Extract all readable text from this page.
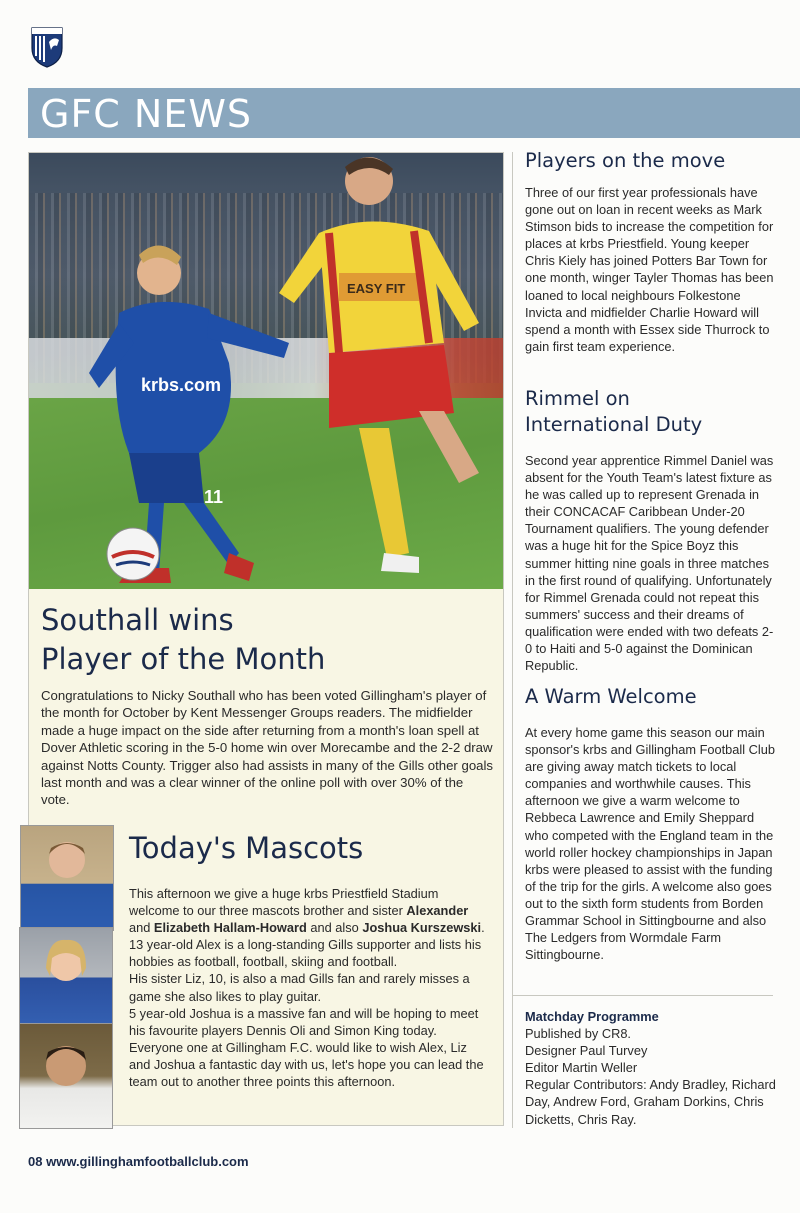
GFC NEWS
krbs.com
11
EASY FIT
Southall wins
Player of the Month

Congratulations to Nicky Southall who has been voted Gillingham's player of the month for October by Kent Messenger Groups readers. The midfielder made a huge impact on the side after returning from a month's loan spell at Dover Athletic scoring in the 5-0 home win over Morecambe and the 2-2 draw against Notts County. Trigger also had assists in many of the Gills other goals last month and was a clear winner of the online poll with over 30% of the vote.

Today's Mascots

This afternoon we give a huge krbs Priestfield Stadium welcome to our three mascots brother and sister Alexander and Elizabeth Hallam-Howard and also Joshua Kurszewski.

13 year-old Alex is a long-standing Gills supporter and lists his hobbies as football, football, skiing and football.

His sister Liz, 10, is also a mad Gills fan and rarely misses a game she also likes to play guitar.

5 year-old Joshua is a massive fan and will be hoping to meet his favourite players Dennis Oli and Simon King today. Everyone one at Gillingham F.C. would like to wish Alex, Liz and Joshua a fantastic day with us, let's hope you can lead the team out to another three points this afternoon.

Players on the move

Three of our first year professionals have gone out on loan in recent weeks as Mark Stimson bids to increase the competition for places at krbs Priestfield. Young keeper Chris Kiely has joined Potters Bar Town for one month, winger Tayler Thomas has been loaned to local neighbours Folkestone Invicta and midfielder Charlie Howard will spend a month with Essex side Thurrock to gain first team experience.

Rimmel on
International Duty

Second year apprentice Rimmel Daniel was absent for the Youth Team's latest fixture as he was called up to represent Grenada in their CONCACAF Caribbean Under-20 Tournament qualifiers. The young defender was a huge hit for the Spice Boyz this summer hitting nine goals in three matches in the first round of qualifying. Unfortunately for Rimmel Grenada could not repeat this summers' success and their dreams of qualification were ended with two defeats 2-0 to Haiti and 5-0 against the Dominican Republic.

A Warm Welcome

At every home game this season our main sponsor's krbs and Gillingham Football Club are giving away match tickets to local companies and worthwhile causes. This afternoon we give a warm welcome to Rebbeca Lawrence and Emily Sheppard who competed with the England team in the world roller hockey championships in Japan krbs were pleased to assist with the funding of the trip for the girls. A welcome also goes out to the sixth form students from Borden Grammar School in Sittingbourne and also The Ledgers from Wormdale Farm Sittingbourne.

Matchday Programme
Published by CR8.
Designer Paul Turvey
Editor Martin Weller
Regular Contributors: Andy Bradley, Richard Day, Andrew Ford, Graham Dorkins, Chris Dicketts, Chris Ray.
08 www.gillinghamfootballclub.com
